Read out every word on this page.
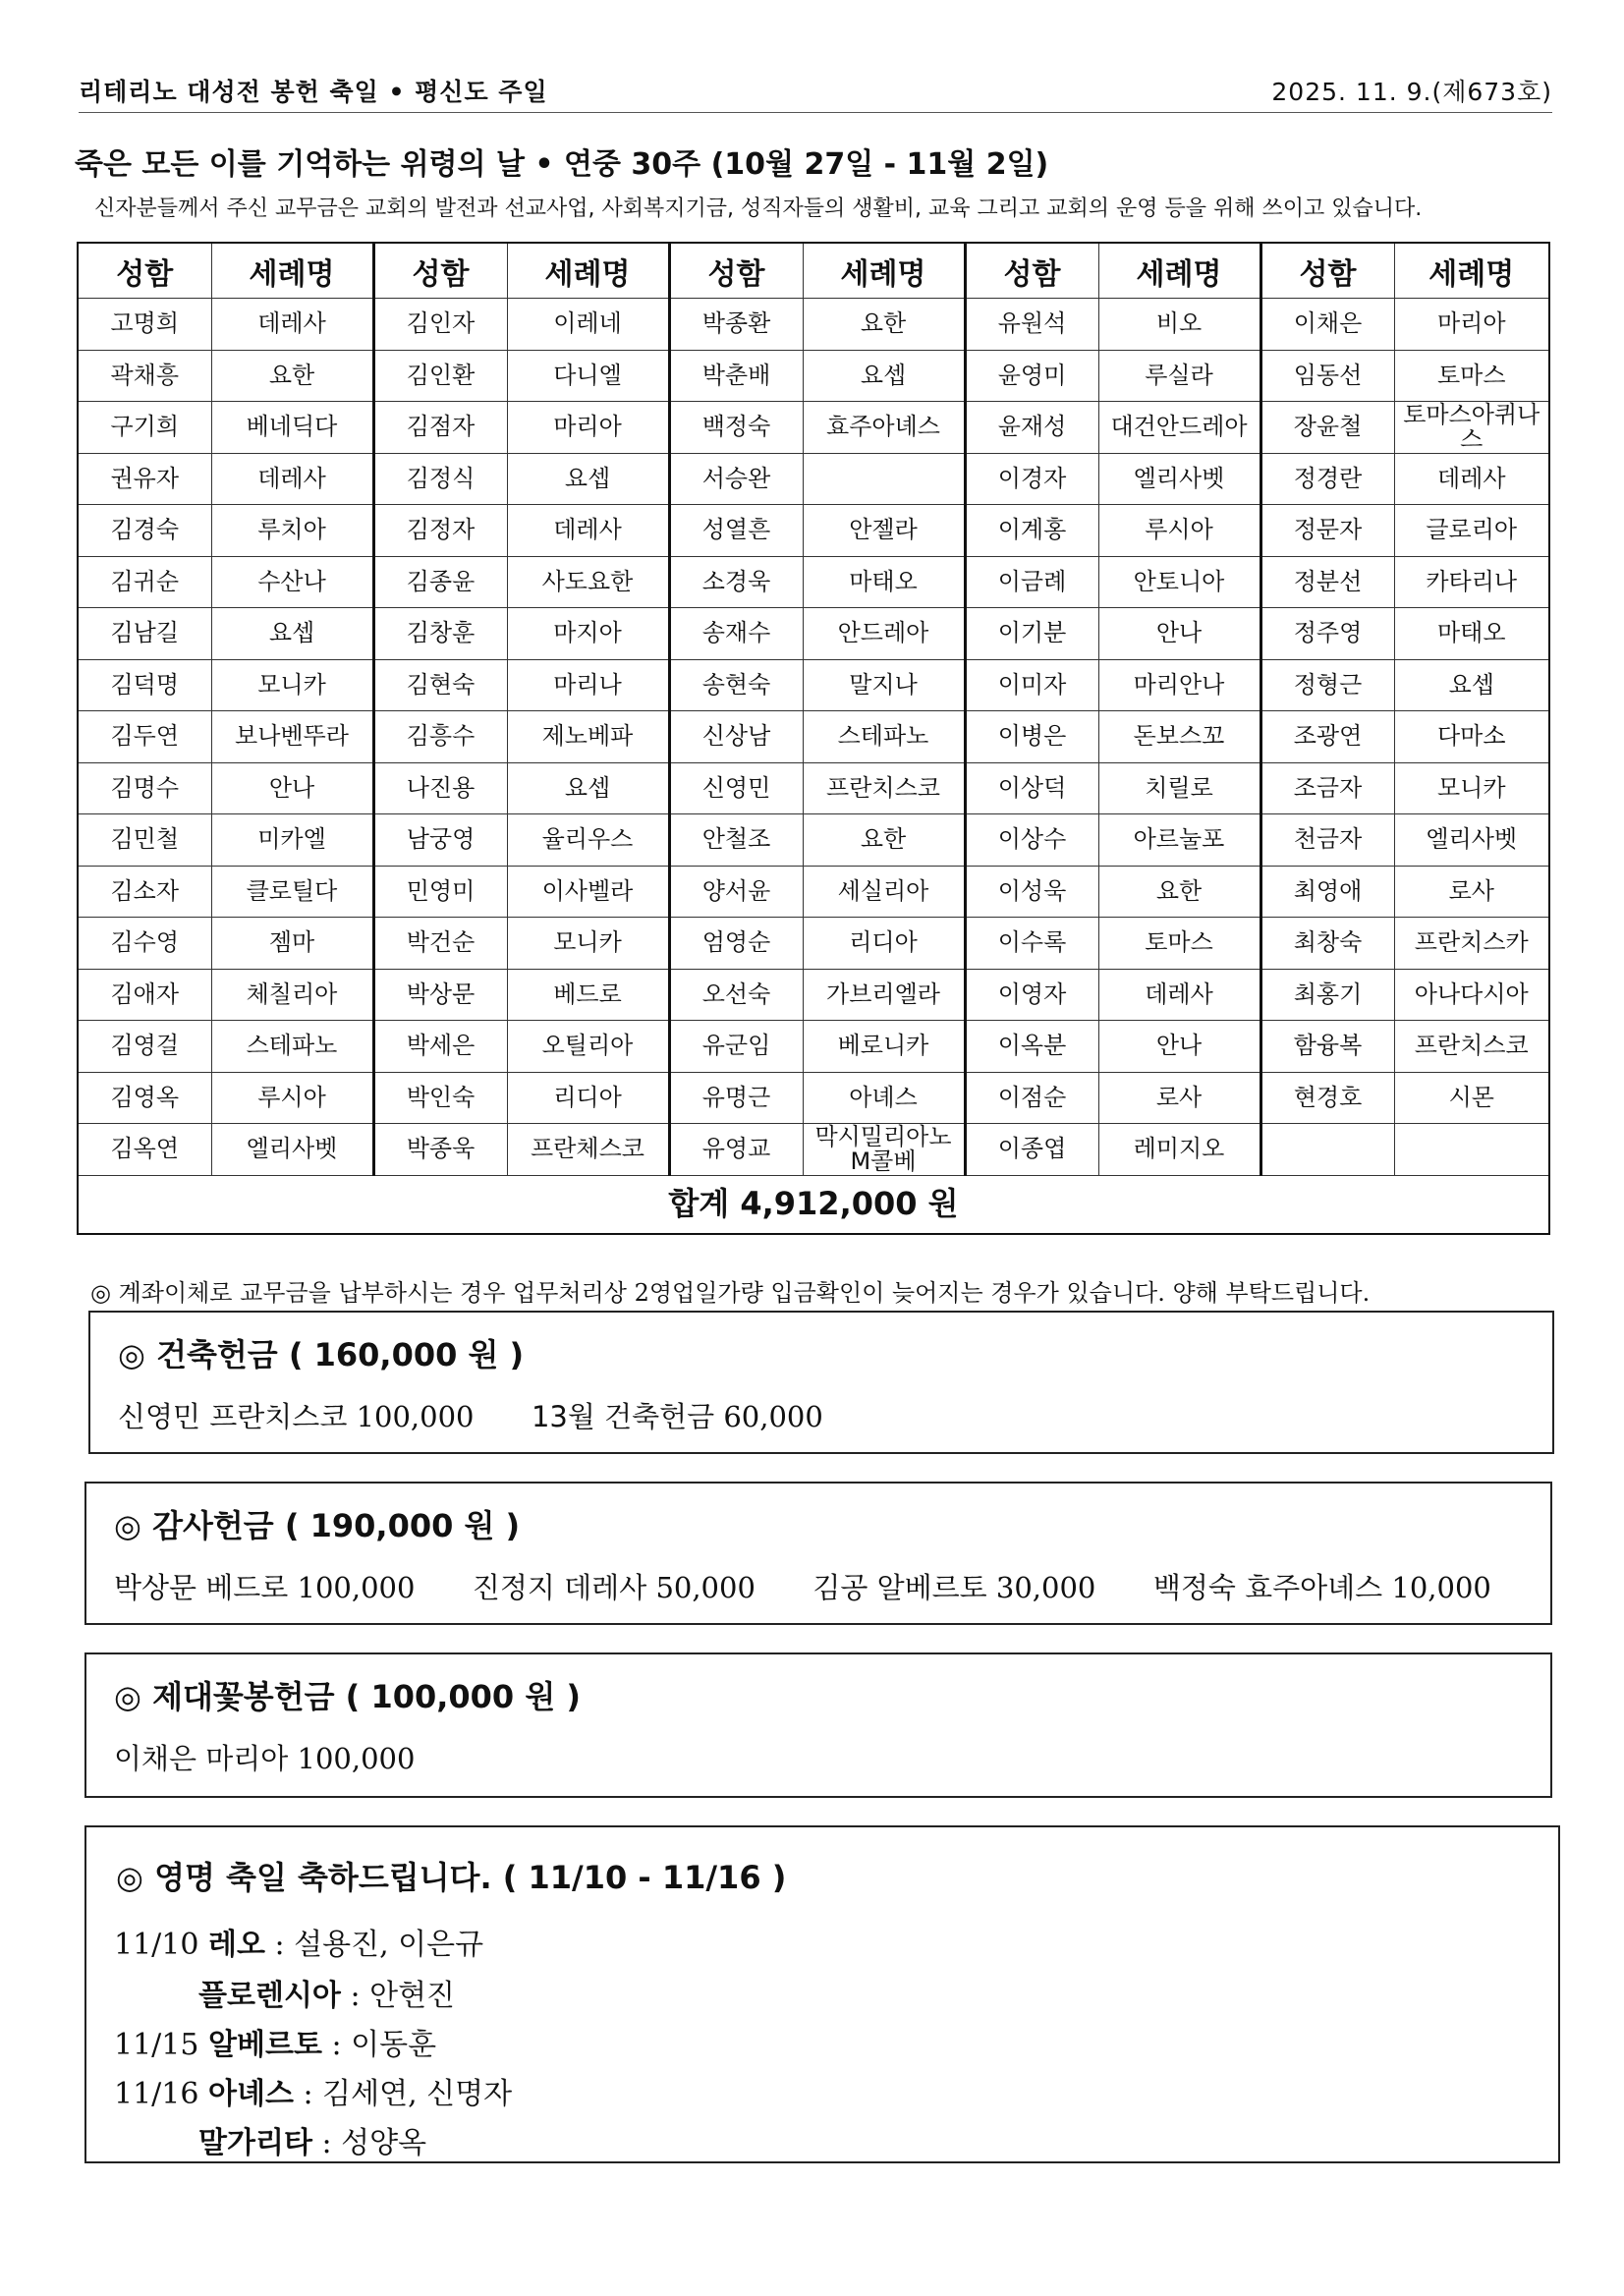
리테리노 대성전 봉헌 축일 • 평신도 주일	2025. 11. 9.(제673호)
죽은 모든 이를 기억하는 위령의 날 • 연중 30주 (10월 27일 - 11월 2일)
신자분들께서 주신 교무금은 교회의 발전과 선교사업, 사회복지기금, 성직자들의 생활비, 교육 그리고 교회의 운영 등을 위해 쓰이고 있습니다.
성함	세례명	성함	세례명	성함	세례명	성함	세례명	성함	세례명
고명희	데레사	김인자	이레네	박종환	요한	유원석	비오	이채은	마리아
곽채흥	요한	김인환	다니엘	박춘배	요셉	윤영미	루실라	임동선	토마스
구기희	베네딕다	김점자	마리아	백정숙	효주아녜스	윤재성	대건안드레아	장윤철	토마스아퀴나스
권유자	데레사	김정식	요셉	서승완		이경자	엘리사벳	정경란	데레사
김경숙	루치아	김정자	데레사	성열흔	안젤라	이계홍	루시아	정문자	글로리아
김귀순	수산나	김종윤	사도요한	소경욱	마태오	이금례	안토니아	정분선	카타리나
김남길	요셉	김창훈	마지아	송재수	안드레아	이기분	안나	정주영	마태오
김덕명	모니카	김현숙	마리나	송현숙	말지나	이미자	마리안나	정형근	요셉
김두연	보나벤뚜라	김흥수	제노베파	신상남	스테파노	이병은	돈보스꼬	조광연	다마소
김명수	안나	나진용	요셉	신영민	프란치스코	이상덕	치릴로	조금자	모니카
김민철	미카엘	남궁영	율리우스	안철조	요한	이상수	아르눌포	천금자	엘리사벳
김소자	클로틸다	민영미	이사벨라	양서윤	세실리아	이성욱	요한	최영애	로사
김수영	젬마	박건순	모니카	엄영순	리디아	이수록	토마스	최창숙	프란치스카
김애자	체칠리아	박상문	베드로	오선숙	가브리엘라	이영자	데레사	최홍기	아나다시아
김영걸	스테파노	박세은	오틸리아	유군임	베로니카	이옥분	안나	함융복	프란치스코
김영옥	루시아	박인숙	리디아	유명근	아녜스	이점순	로사	현경호	시몬
김옥연	엘리사벳	박종욱	프란체스코	유영교	막시밀리아노M콜베	이종엽	레미지오		
합계 4,912,000 원									
◎ 계좌이체로 교무금을 납부하시는 경우 업무처리상 2영업일가량 입금확인이 늦어지는 경우가 있습니다. 양해 부탁드립니다.
◎ 건축헌금 ( 160,000 원 )
신영민 프란치스코 100,000 13월 건축헌금 60,000
◎ 감사헌금 ( 190,000 원 )
박상문 베드로 100,000 진정지 데레사 50,000 김공 알베르토 30,000 백정숙 효주아녜스 10,000
◎ 제대꽃봉헌금 ( 100,000 원 )
이채은 마리아 100,000
◎ 영명 축일 축하드립니다. ( 11/10 - 11/16 )
11/10 레오 : 설용진, 이은규
플로렌시아 : 안현진
11/15 알베르토 : 이동훈
11/16 아녜스 : 김세연, 신명자
말가리타 : 성양옥
